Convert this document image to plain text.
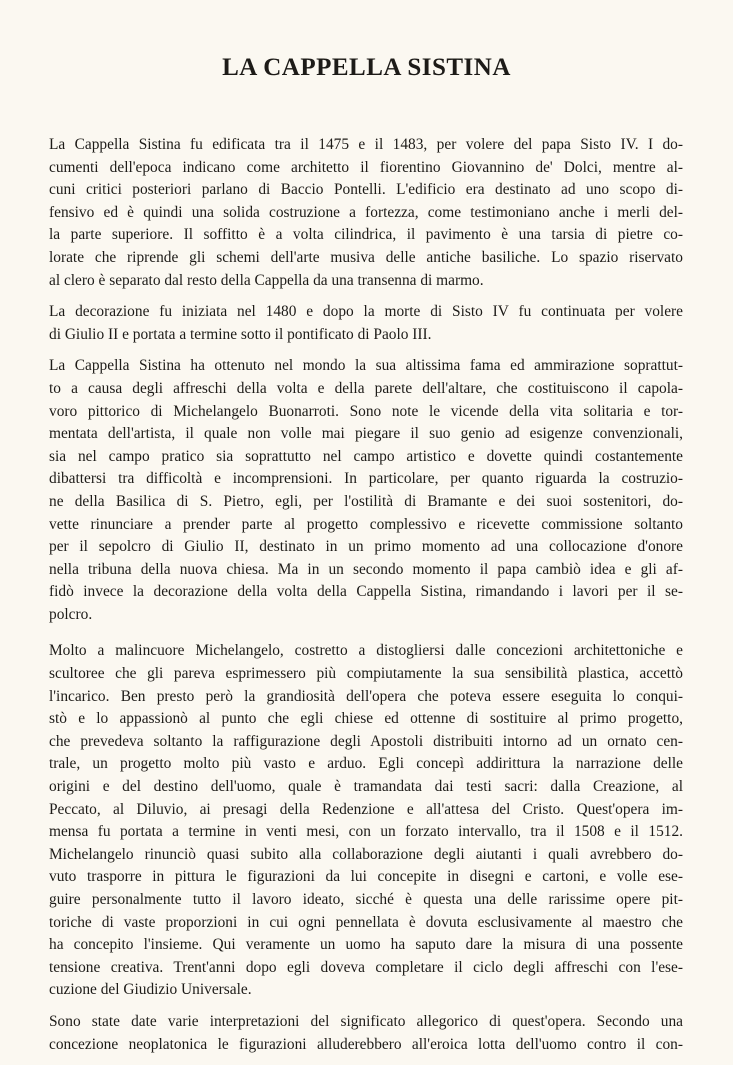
LA CAPPELLA SISTINA
La Cappella Sistina fu edificata tra il 1475 e il 1483, per volere del papa Sisto IV. I do-
cumenti dell'epoca indicano come architetto il fiorentino Giovannino de' Dolci, mentre al-
cuni critici posteriori parlano di Baccio Pontelli. L'edificio era destinato ad uno scopo di-
fensivo ed è quindi una solida costruzione a fortezza, come testimoniano anche i merli del-
la parte superiore. Il soffitto è a volta cilindrica, il pavimento è una tarsia di pietre co-
lorate che riprende gli schemi dell'arte musiva delle antiche basiliche. Lo spazio riservato
al clero è separato dal resto della Cappella da una transenna di marmo.
La decorazione fu iniziata nel 1480 e dopo la morte di Sisto IV fu continuata per volere
di Giulio II e portata a termine sotto il pontificato di Paolo III.
La Cappella Sistina ha ottenuto nel mondo la sua altissima fama ed ammirazione soprattut-
to a causa degli affreschi della volta e della parete dell'altare, che costituiscono il capola-
voro pittorico di Michelangelo Buonarroti. Sono note le vicende della vita solitaria e tor-
mentata dell'artista, il quale non volle mai piegare il suo genio ad esigenze convenzionali,
sia nel campo pratico sia soprattutto nel campo artistico e dovette quindi costantemente
dibattersi tra difficoltà e incomprensioni. In particolare, per quanto riguarda la costruzio-
ne della Basilica di S. Pietro, egli, per l'ostilità di Bramante e dei suoi sostenitori, do-
vette rinunciare a prender parte al progetto complessivo e ricevette commissione soltanto
per il sepolcro di Giulio II, destinato in un primo momento ad una collocazione d'onore
nella tribuna della nuova chiesa. Ma in un secondo momento il papa cambiò idea e gli af-
fidò invece la decorazione della volta della Cappella Sistina, rimandando i lavori per il se-
polcro.
Molto a malincuore Michelangelo, costretto a distogliersi dalle concezioni architettoniche e
scultoree che gli pareva esprimessero più compiutamente la sua sensibilità plastica, accettò
l'incarico. Ben presto però la grandiosità dell'opera che poteva essere eseguita lo conqui-
stò e lo appassionò al punto che egli chiese ed ottenne di sostituire al primo progetto,
che prevedeva soltanto la raffigurazione degli Apostoli distribuiti intorno ad un ornato cen-
trale, un progetto molto più vasto e arduo. Egli concepì addirittura la narrazione delle
origini e del destino dell'uomo, quale è tramandata dai testi sacri: dalla Creazione, al
Peccato, al Diluvio, ai presagi della Redenzione e all'attesa del Cristo. Quest'opera im-
mensa fu portata a termine in venti mesi, con un forzato intervallo, tra il 1508 e il 1512.
Michelangelo rinunciò quasi subito alla collaborazione degli aiutanti i quali avrebbero do-
vuto trasporre in pittura le figurazioni da lui concepite in disegni e cartoni, e volle ese-
guire personalmente tutto il lavoro ideato, sicché è questa una delle rarissime opere pit-
toriche di vaste proporzioni in cui ogni pennellata è dovuta esclusivamente al maestro che
ha concepito l'insieme. Qui veramente un uomo ha saputo dare la misura di una possente
tensione creativa. Trent'anni dopo egli doveva completare il ciclo degli affreschi con l'ese-
cuzione del Giudizio Universale.
Sono state date varie interpretazioni del significato allegorico di quest'opera. Secondo una
concezione neoplatonica le figurazioni alluderebbero all'eroica lotta dell'uomo contro il con-
